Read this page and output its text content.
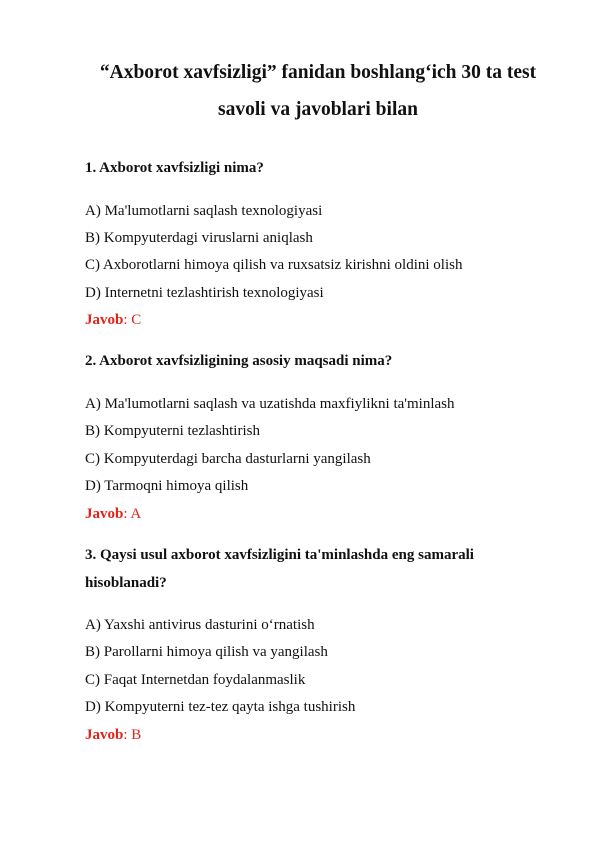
“Axborot xavfsizligi” fanidan boshlang‘ich 30 ta test
savoli va javoblari bilan
1. Axborot xavfsizligi nima?
A) Ma'lumotlarni saqlash texnologiyasi
B) Kompyuterdagi viruslarni aniqlash
C) Axborotlarni himoya qilish va ruxsatsiz kirishni oldini olish
D) Internetni tezlashtirish texnologiyasi
Javob: C
2. Axborot xavfsizligining asosiy maqsadi nima?
A) Ma'lumotlarni saqlash va uzatishda maxfiylikni ta'minlash
B) Kompyuterni tezlashtirish
C) Kompyuterdagi barcha dasturlarni yangilash
D) Tarmoqni himoya qilish
Javob: A
3. Qaysi usul axborot xavfsizligini ta'minlashda eng samarali
hisoblanadi?
A) Yaxshi antivirus dasturini o‘rnatish
B) Parollarni himoya qilish va yangilash
C) Faqat Internetdan foydalanmaslik
D) Kompyuterni tez-tez qayta ishga tushirish
Javob: B
